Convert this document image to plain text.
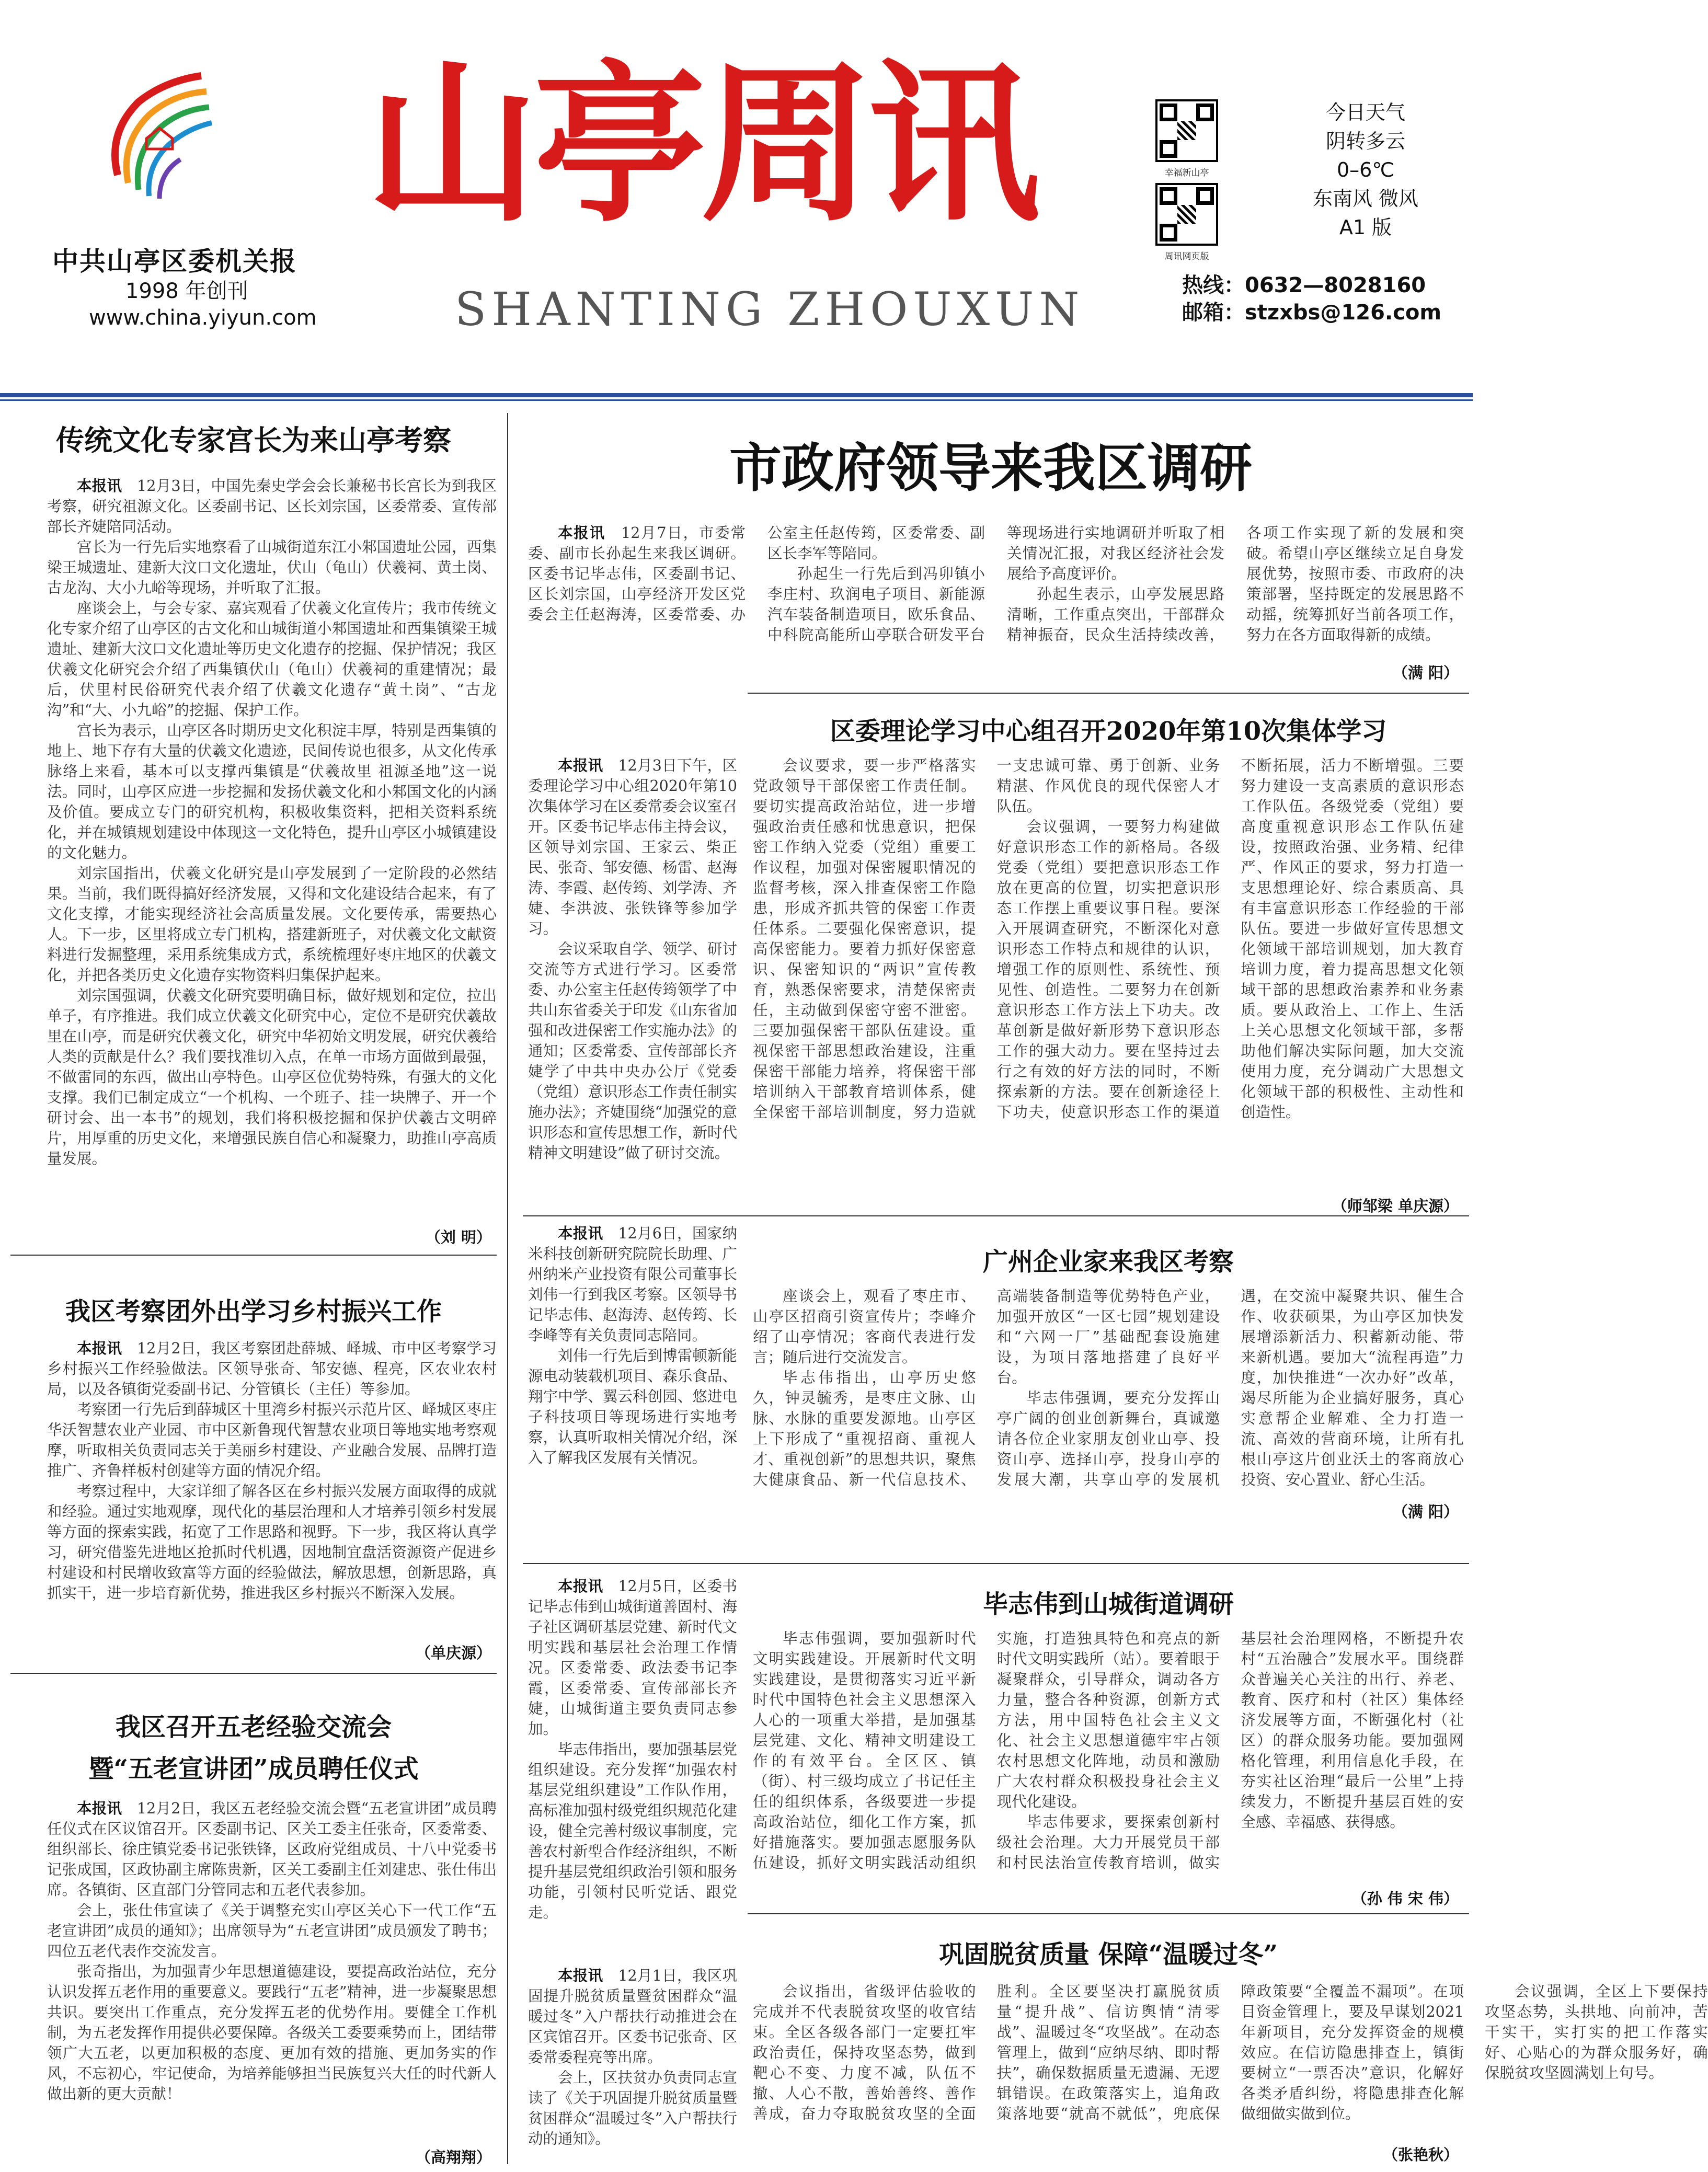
中共山亭区委机关报
1998 年创刊
www.china.yiyun.com
山亭周讯
SHANTING ZHOUXUN
幸福新山亭
周讯网页版
今日天气
阴转多云
0–6℃
东南风 微风
A1 版
热线：0632—8028160
邮箱：stzxbs@126.com
传统文化专家宫长为来山亭考察

本报讯　 12月3日，中国先秦史学会会长兼秘书长宫长为到我区考察，研究祖源文化。区委副书记、区长刘宗国，区委常委、宣传部部长齐婕陪同活动。

宫长为一行先后实地察看了山城街道东江小邾国遗址公园，西集梁王城遗址、建新大汶口文化遗址，伏山（龟山）伏羲祠、黄土岗、古龙沟、大小九峪等现场，并听取了汇报。

座谈会上，与会专家、嘉宾观看了伏羲文化宣传片；我市传统文化专家介绍了山亭区的古文化和山城街道小邾国遗址和西集镇梁王城遗址、建新大汶口文化遗址等历史文化遗存的挖掘、保护情况；我区伏羲文化研究会介绍了西集镇伏山（龟山）伏羲祠的重建情况；最后，伏里村民俗研究代表介绍了伏羲文化遗存“黄土岗”、“古龙沟”和“大、小九峪”的挖掘、保护工作。

宫长为表示，山亭区各时期历史文化积淀丰厚，特别是西集镇的地上、地下存有大量的伏羲文化遗迹，民间传说也很多，从文化传承脉络上来看，基本可以支撑西集镇是“伏羲故里 祖源圣地”这一说法。同时，山亭区应进一步挖掘和发扬伏羲文化和小邾国文化的内涵及价值。要成立专门的研究机构，积极收集资料，把相关资料系统化，并在城镇规划建设中体现这一文化特色，提升山亭区小城镇建设的文化魅力。

刘宗国指出，伏羲文化研究是山亭发展到了一定阶段的必然结果。当前，我们既得搞好经济发展，又得和文化建设结合起来，有了文化支撑，才能实现经济社会高质量发展。文化要传承，需要热心人。下一步，区里将成立专门机构，搭建新班子，对伏羲文化文献资料进行发掘整理，采用系统集成方式，系统梳理好枣庄地区的伏羲文化，并把各类历史文化遗存实物资料归集保护起来。

刘宗国强调，伏羲文化研究要明确目标，做好规划和定位，拉出单子，有序推进。我们成立伏羲文化研究中心，定位不是研究伏羲故里在山亭，而是研究伏羲文化，研究中华初始文明发展，研究伏羲给人类的贡献是什么？我们要找准切入点，在单一市场方面做到最强，不做雷同的东西，做出山亭特色。山亭区位优势特殊，有强大的文化支撑。我们已制定成立“一个机构、一个班子、挂一块牌子、开一个研讨会、出一本书”的规划，我们将积极挖掘和保护伏羲古文明碎片，用厚重的历史文化，来增强民族自信心和凝聚力，助推山亭高质量发展。

（刘 明）
我区考察团外出学习乡村振兴工作

本报讯　 12月2日，我区考察团赴薛城、峄城、市中区考察学习乡村振兴工作经验做法。区领导张奇、邹安德、程亮，区农业农村局，以及各镇街党委副书记、分管镇长（主任）等参加。

考察团一行先后到薛城区十里湾乡村振兴示范片区、峄城区枣庄华沃智慧农业产业园、市中区新鲁现代智慧农业项目等地实地考察观摩，听取相关负责同志关于美丽乡村建设、产业融合发展、品牌打造推广、齐鲁样板村创建等方面的情况介绍。

考察过程中，大家详细了解各区在乡村振兴发展方面取得的成就和经验。通过实地观摩，现代化的基层治理和人才培养引领乡村发展等方面的探索实践，拓宽了工作思路和视野。下一步，我区将认真学习，研究借鉴先进地区抢抓时代机遇，因地制宜盘活资源资产促进乡村建设和村民增收致富等方面的经验做法，解放思想，创新思路，真抓实干，进一步培育新优势，推进我区乡村振兴不断深入发展。

（单庆源）
我区召开五老经验交流会
暨“五老宣讲团”成员聘任仪式

本报讯　 12月2日，我区五老经验交流会暨“五老宣讲团”成员聘任仪式在区议馆召开。区委副书记、区关工委主任张奇，区委常委、组织部长、徐庄镇党委书记张铁锋，区政府党组成员、十八中党委书记张成国，区政协副主席陈贵新，区关工委副主任刘建忠、张仕伟出席。各镇街、区直部门分管同志和五老代表参加。

会上，张仕伟宣读了《关于调整充实山亭区关心下一代工作“五老宣讲团”成员的通知》；出席领导为“五老宣讲团”成员颁发了聘书；四位五老代表作交流发言。

张奇指出，为加强青少年思想道德建设，要提高政治站位，充分认识发挥五老作用的重要意义。要践行“五老”精神，进一步凝聚思想共识。要突出工作重点，充分发挥五老的优势作用。要健全工作机制，为五老发挥作用提供必要保障。各级关工委要乘势而上，团结带领广大五老，以更加积极的态度、更加有效的措施、更加务实的作风，不忘初心，牢记使命，为培养能够担当民族复兴大任的时代新人做出新的更大贡献！

（高翔翔）
市政府领导来我区调研

本报讯　 12月7日，市委常委、副市长孙起生来我区调研。区委书记毕志伟，区委副书记、区长刘宗国，山亭经济开发区党委会主任赵海涛，区委常委、办公室主任赵传筠，区委常委、副区长李军等陪同。

孙起生一行先后到冯卯镇小李庄村、玖润电子项目、新能源汽车装备制造项目，欧乐食品、中科院高能所山亭联合研发平台等现场进行实地调研并听取了相关情况汇报，对我区经济社会发展给予高度评价。

孙起生表示，山亭发展思路清晰，工作重点突出，干部群众精神振奋，民众生活持续改善，各项工作实现了新的发展和突破。希望山亭区继续立足自身发展优势，按照市委、市政府的决策部署，坚持既定的发展思路不动摇，统筹抓好当前各项工作，努力在各方面取得新的成绩。

（满 阳）
区委理论学习中心组召开2020年第10次集体学习

本报讯　 12月3日下午，区委理论学习中心组2020年第10次集体学习在区委常委会议室召开。区委书记毕志伟主持会议，区领导刘宗国、王家云、柴正民、张奇、邹安德、杨雷、赵海涛、李霞、赵传筠、刘学涛、齐婕、李洪波、张铁锋等参加学习。

会议采取自学、领学、研讨交流等方式进行学习。区委常委、办公室主任赵传筠领学了中共山东省委关于印发《山东省加强和改进保密工作实施办法》的通知；区委常委、宣传部部长齐婕学了中共中央办公厅《党委（党组）意识形态工作责任制实施办法》；齐婕围绕“加强党的意识形态和宣传思想工作，新时代精神文明建设”做了研讨交流。

会议要求，要一步严格落实党政领导干部保密工作责任制。要切实提高政治站位，进一步增强政治责任感和忧患意识，把保密工作纳入党委（党组）重要工作议程，加强对保密履职情况的监督考核，深入排查保密工作隐患，形成齐抓共管的保密工作责任体系。二要强化保密意识，提高保密能力。要着力抓好保密意识、保密知识的“两识”宣传教育，熟悉保密要求，清楚保密责任，主动做到保密守密不泄密。三要加强保密干部队伍建设。重视保密干部思想政治建设，注重保密干部能力培养，将保密干部培训纳入干部教育培训体系，健全保密干部培训制度，努力造就一支忠诚可靠、勇于创新、业务精湛、作风优良的现代保密人才队伍。

会议强调，一要努力构建做好意识形态工作的新格局。各级党委（党组）要把意识形态工作放在更高的位置，切实把意识形态工作摆上重要议事日程。要深入开展调查研究，不断深化对意识形态工作特点和规律的认识，增强工作的原则性、系统性、预见性、创造性。二要努力在创新意识形态工作方法上下功夫。改革创新是做好新形势下意识形态工作的强大动力。要在坚持过去行之有效的好方法的同时，不断探索新的方法。要在创新途径上下功夫，使意识形态工作的渠道不断拓展，活力不断增强。三要努力建设一支高素质的意识形态工作队伍。各级党委（党组）要高度重视意识形态工作队伍建设，按照政治强、业务精、纪律严、作风正的要求，努力打造一支思想理论好、综合素质高、具有丰富意识形态工作经验的干部队伍。要进一步做好宣传思想文化领域干部培训规划，加大教育培训力度，着力提高思想文化领域干部的思想政治素养和业务素质。要从政治上、工作上、生活上关心思想文化领域干部，多帮助他们解决实际问题，加大交流使用力度，充分调动广大思想文化领域干部的积极性、主动性和创造性。

（师邹梁 单庆源）
广州企业家来我区考察

本报讯　 12月6日，国家纳米科技创新研究院院长助理、广州纳米产业投资有限公司董事长刘伟一行到我区考察。区领导书记毕志伟、赵海涛、赵传筠、长李峰等有关负责同志陪同。

刘伟一行先后到博雷顿新能源电动装载机项目、森乐食品、翔宇中学、翼云科创园、悠进电子科技项目等现场进行实地考察，认真听取相关情况介绍，深入了解我区发展有关情况。

座谈会上，观看了枣庄市、山亭区招商引资宣传片；李峰介绍了山亭情况；客商代表进行发言；随后进行交流发言。

毕志伟指出，山亭历史悠久，钟灵毓秀，是枣庄文脉、山脉、水脉的重要发源地。山亭区上下形成了“重视招商、重视人才、重视创新”的思想共识，聚焦大健康食品、新一代信息技术、高端装备制造等优势特色产业，加强开放区“一区七园”规划建设和“六网一厂”基础配套设施建设，为项目落地搭建了良好平台。

毕志伟强调，要充分发挥山亭广阔的创业创新舞台，真诚邀请各位企业家朋友创业山亭、投资山亭、选择山亭，投身山亭的发展大潮，共享山亭的发展机遇，在交流中凝聚共识、催生合作、收获硕果，为山亭区加快发展增添新活力、积蓄新动能、带来新机遇。要加大“流程再造”力度，加快推进“一次办好”改革，竭尽所能为企业搞好服务，真心实意帮企业解难、全力打造一流、高效的营商环境，让所有扎根山亭这片创业沃土的客商放心投资、安心置业、舒心生活。

（满 阳）
毕志伟到山城街道调研

本报讯　 12月5日，区委书记毕志伟到山城街道善固村、海子社区调研基层党建、新时代文明实践和基层社会治理工作情况。区委常委、政法委书记李霞，区委常委、宣传部部长齐婕，山城街道主要负责同志参加。

毕志伟指出，要加强基层党组织建设。充分发挥“加强农村基层党组织建设”工作队作用，高标准加强村级党组织规范化建设，健全完善村级议事制度，完善农村新型合作经济组织，不断提升基层党组织政治引领和服务功能，引领村民听党话、跟党走。

毕志伟强调，要加强新时代文明实践建设。开展新时代文明实践建设，是贯彻落实习近平新时代中国特色社会主义思想深入人心的一项重大举措，是加强基层党建、文化、精神文明建设工作的有效平台。全区区、镇（街）、村三级均成立了书记任主任的组织体系，各级要进一步提高政治站位，细化工作方案，抓好措施落实。要加强志愿服务队伍建设，抓好文明实践活动组织实施，打造独具特色和亮点的新时代文明实践所（站）。要着眼于凝聚群众，引导群众，调动各方力量，整合各种资源，创新方式方法，用中国特色社会主义文化、社会主义思想道德牢牢占领农村思想文化阵地，动员和激励广大农村群众积极投身社会主义现代化建设。

毕志伟要求，要探索创新村级社会治理。大力开展党员干部和村民法治宣传教育培训，做实基层社会治理网格，不断提升农村“五治融合”发展水平。围绕群众普遍关心关注的出行、养老、教育、医疗和村（社区）集体经济发展等方面，不断强化村（社区）的群众服务功能。要加强网格化管理，利用信息化手段，在夯实社区治理“最后一公里”上持续发力，不断提升基层百姓的安全感、幸福感、获得感。

（孙 伟 宋 伟）
巩固脱贫质量 保障“温暖过冬”

本报讯　 12月1日，我区巩固提升脱贫质量暨贫困群众“温暖过冬”入户帮扶行动推进会在区宾馆召开。区委书记张奇、区委常委程亮等出席。

会上，区扶贫办负责同志宣读了《关于巩固提升脱贫质量暨贫困群众“温暖过冬”入户帮扶行动的通知》。

会议指出，省级评估验收的完成并不代表脱贫攻坚的收官结束。全区各级各部门一定要扛牢政治责任，保持攻坚态势，做到靶心不变、力度不减，队伍不撤、人心不散，善始善终、善作善成，奋力夺取脱贫攻坚的全面胜利。全区要坚决打赢脱贫质量“提升战”、信访舆情“清零战”、温暖过冬“攻坚战”。在动态管理上，做到“应纳尽纳、即时帮扶”，确保数据质量无遗漏、无逻辑错误。在政策落实上，追角政策落地要“就高不就低”，兜底保障政策要“全覆盖不漏项”。在项目资金管理上，要及早谋划2021年新项目，充分发挥资金的规模效应。在信访隐患排查上，镇街要树立“一票否决”意识，化解好各类矛盾纠纷，将隐患排查化解做细做实做到位。

会议强调，全区上下要保持攻坚态势，头拱地、向前冲，苦干实干，实打实的把工作落实好、心贴心的为群众服务好，确保脱贫攻坚圆满划上句号。

（张艳秋）
